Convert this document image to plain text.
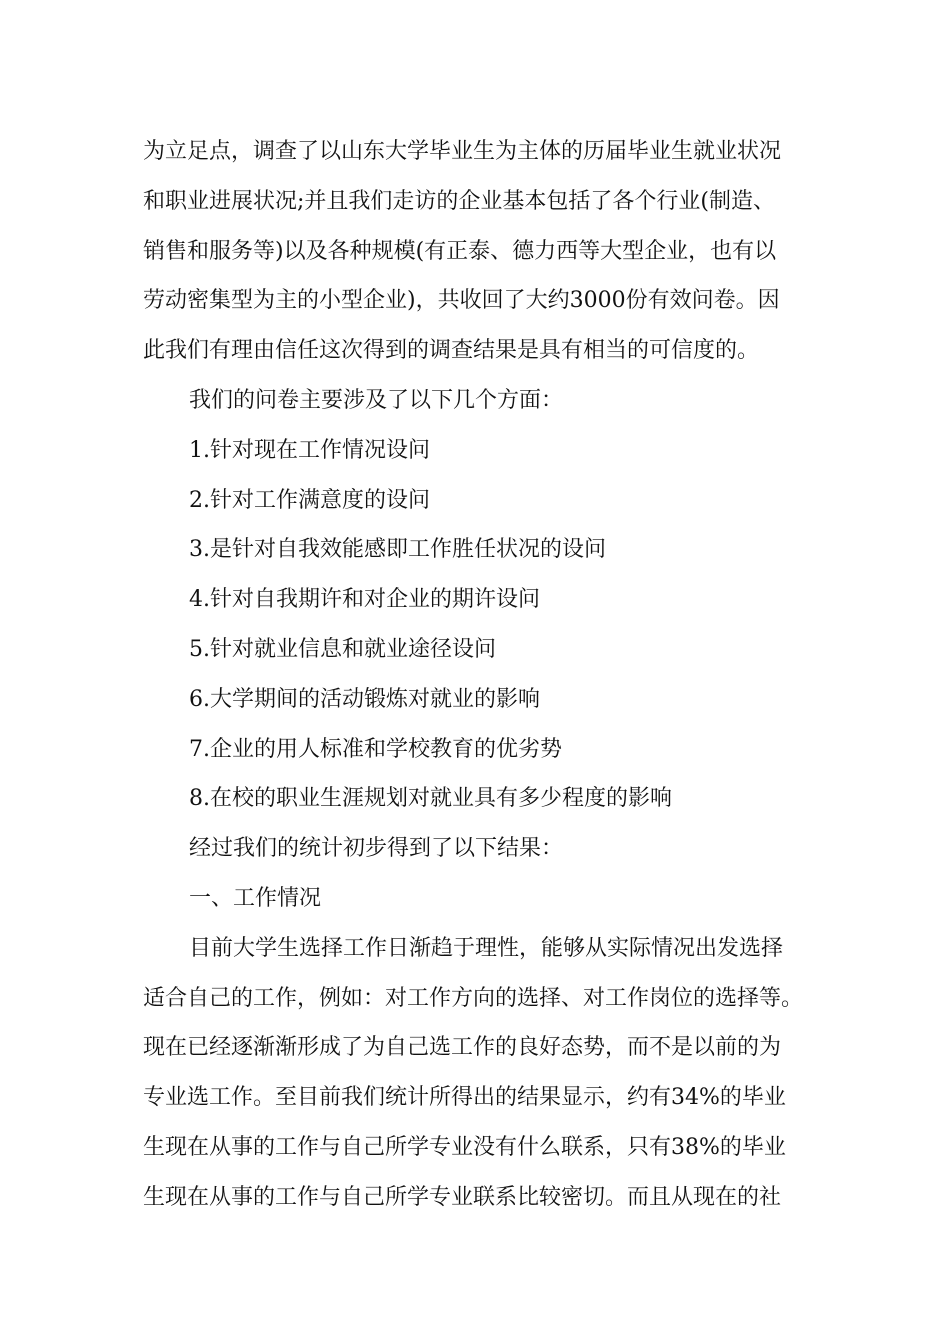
为立足点，调查了以山东大学毕业生为主体的历届毕业生就业状况
和职业进展状况;并且我们走访的企业基本包括了各个行业(制造、
销售和服务等)以及各种规模(有正泰、德力西等大型企业，也有以
劳动密集型为主的小型企业)，共收回了大约3000份有效问卷。因
此我们有理由信任这次得到的调查结果是具有相当的可信度的。
我们的问卷主要涉及了以下几个方面：
1.针对现在工作情况设问
2.针对工作满意度的设问
3.是针对自我效能感即工作胜任状况的设问
4.针对自我期许和对企业的期许设问
5.针对就业信息和就业途径设问
6.大学期间的活动锻炼对就业的影响
7.企业的用人标准和学校教育的优劣势
8.在校的职业生涯规划对就业具有多少程度的影响
经过我们的统计初步得到了以下结果：
一、工作情况
目前大学生选择工作日渐趋于理性，能够从实际情况出发选择
适合自己的工作，例如：对工作方向的选择、对工作岗位的选择等。
现在已经逐渐渐形成了为自己选工作的良好态势，而不是以前的为
专业选工作。至目前我们统计所得出的结果显示，约有34%的毕业
生现在从事的工作与自己所学专业没有什么联系，只有38%的毕业
生现在从事的工作与自己所学专业联系比较密切。而且从现在的社
